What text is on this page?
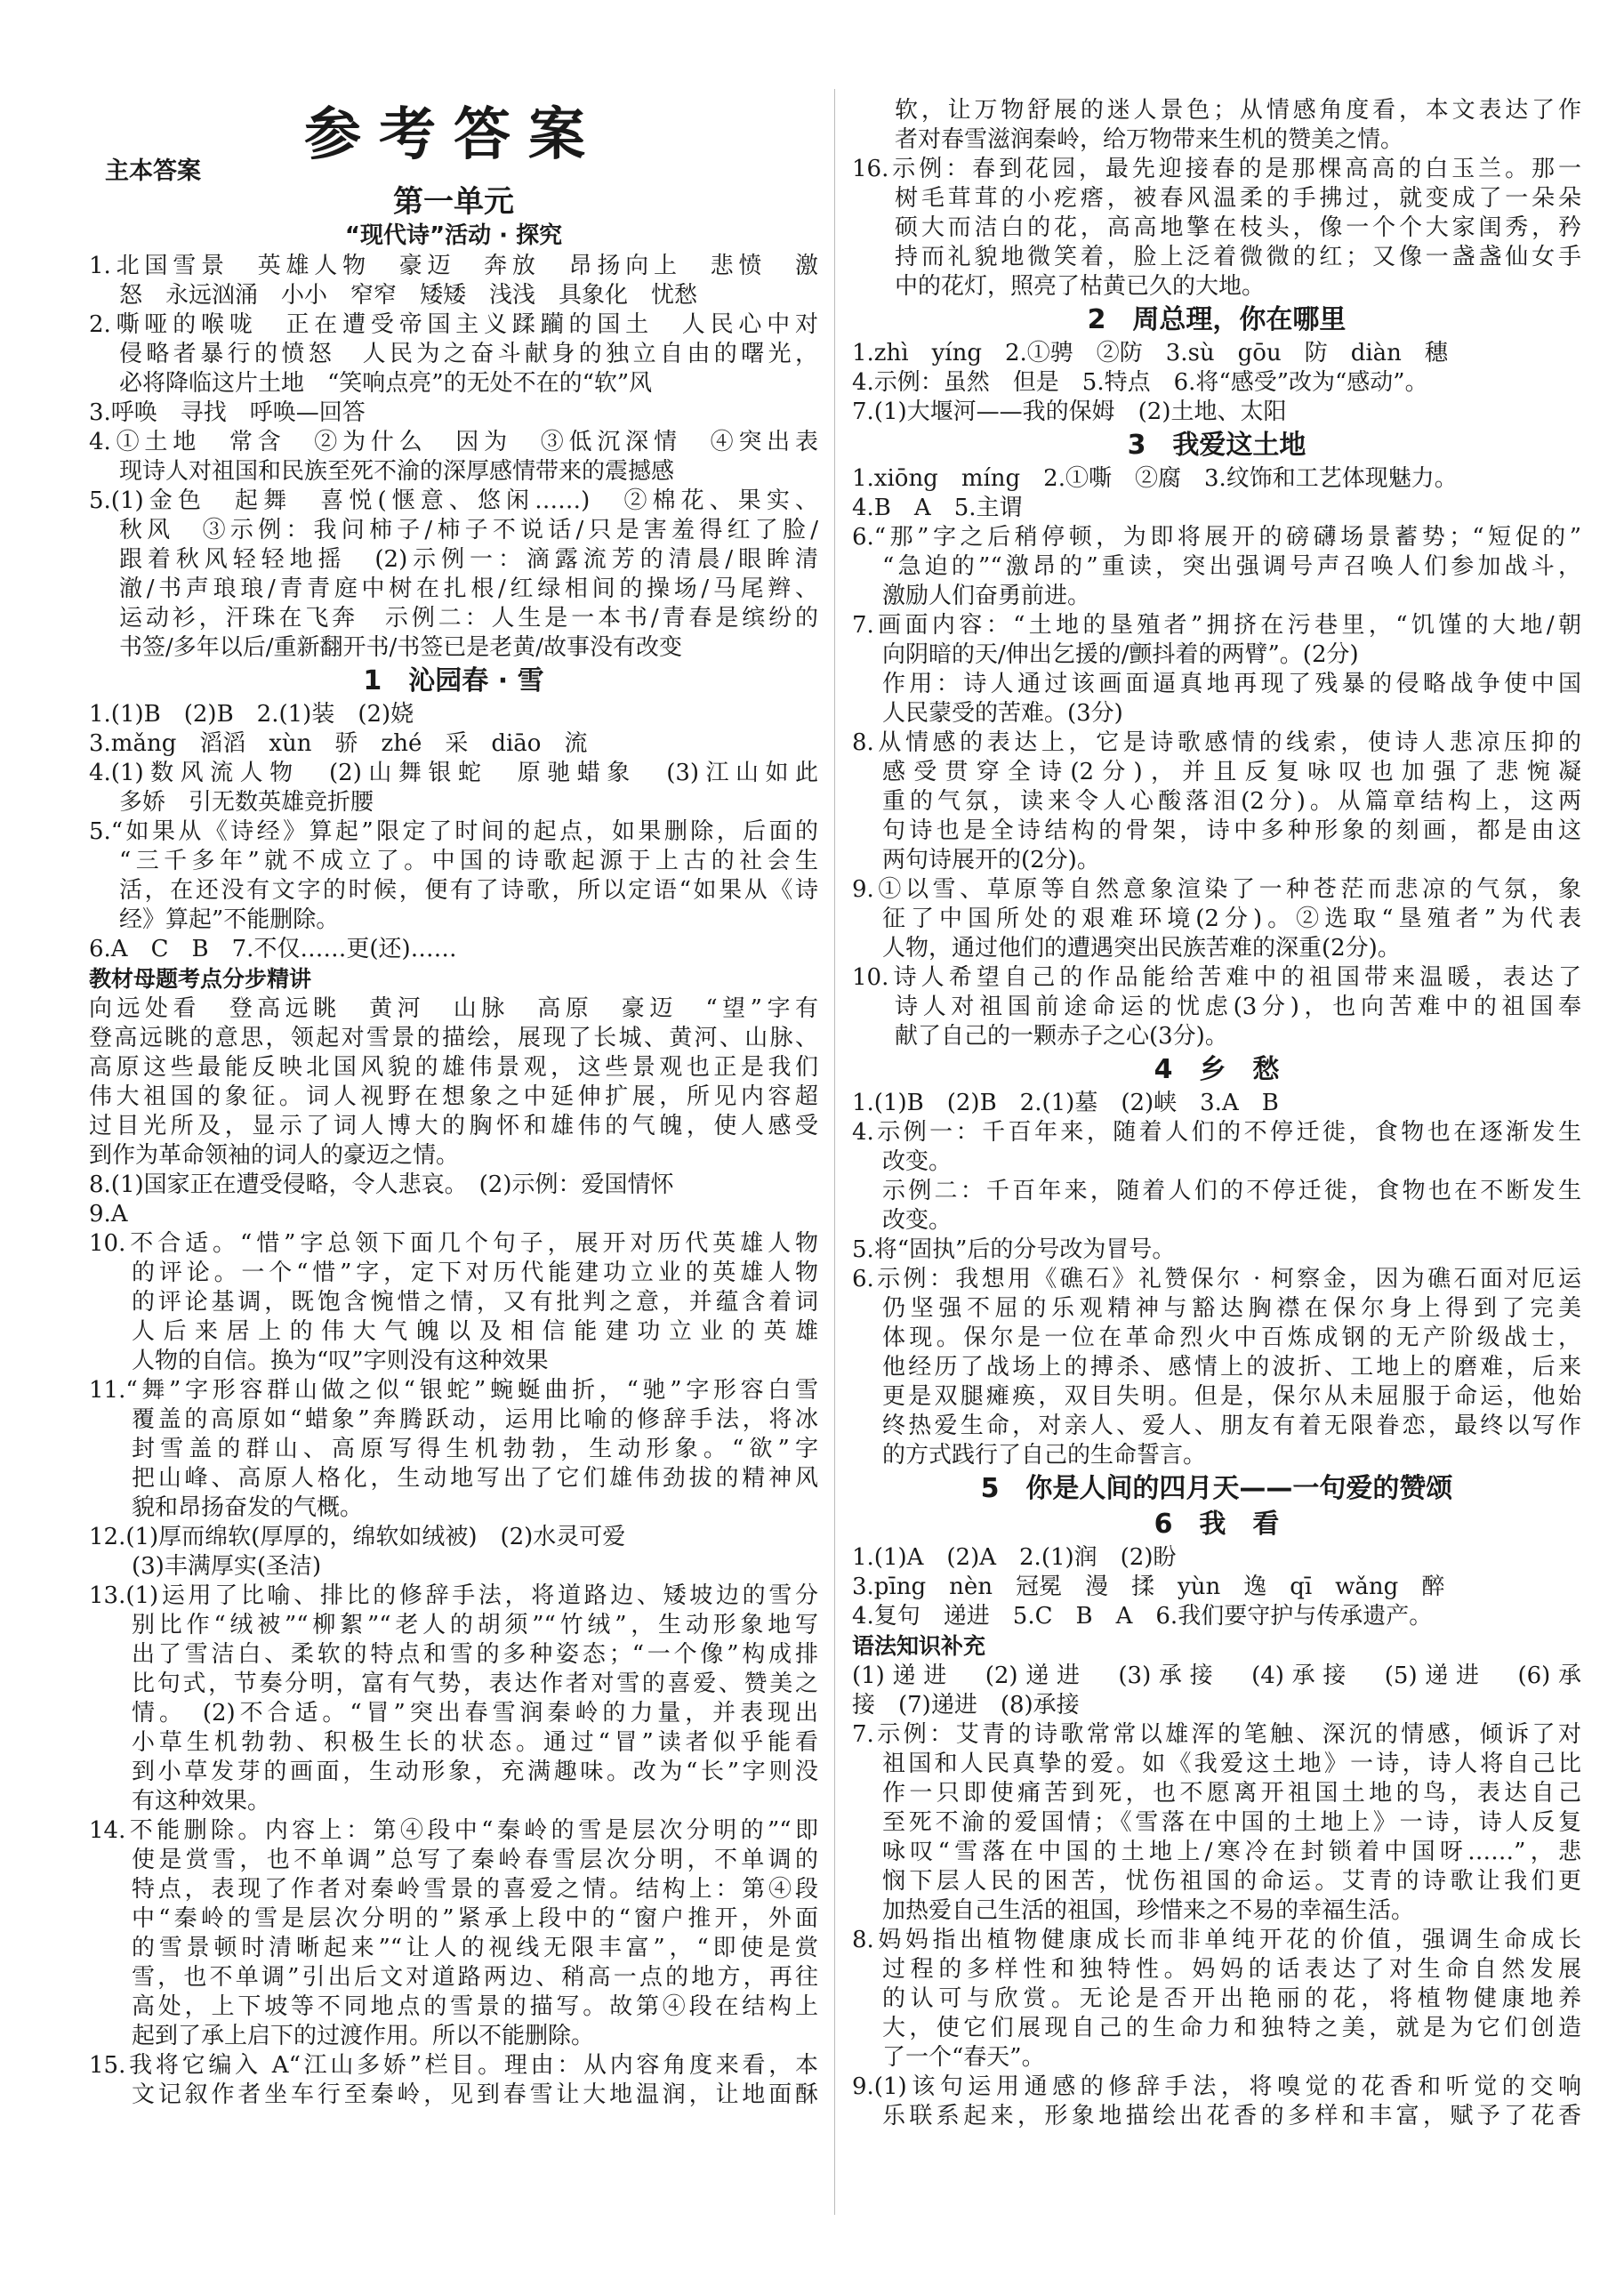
参考答案
主本答案
第一单元
“现代诗”活动 · 探究
1.北国雪景　英雄人物　豪迈　奔放　昂扬向上　悲愤　激
怒　永远汹涌　小小　窄窄　矮矮　浅浅　具象化　忧愁
2.嘶哑的喉咙　正在遭受帝国主义蹂躏的国土　人民心中对
侵略者暴行的愤怒　人民为之奋斗献身的独立自由的曙光，
必将降临这片土地　“笑响点亮”的无处不在的“软”风
3.呼唤　寻找　呼唤—回答
4.①土地　常含　②为什么　因为　③低沉深情　④突出表
现诗人对祖国和民族至死不渝的深厚感情带来的震撼感
5.(1)金色　起舞　喜悦(惬意、悠闲……)　②棉花、果实、
秋风　③示例：我问柿子/柿子不说话/只是害羞得红了脸/
跟着秋风轻轻地摇　(2)示例一：滴露流芳的清晨/眼眸清
澈/书声琅琅/青青庭中树在扎根/红绿相间的操场/马尾辫、
运动衫，汗珠在飞奔　示例二：人生是一本书/青春是缤纷的
书签/多年以后/重新翻开书/书签已是老黄/故事没有改变
1　沁园春 · 雪
1.(1)B　(2)B　2.(1)装　(2)娆
3.mǎng　滔滔　xùn　骄　zhé　采　diāo　流
4.(1)数风流人物　(2)山舞银蛇　原驰蜡象　(3)江山如此
多娇　引无数英雄竞折腰
5.“如果从《诗经》算起”限定了时间的起点，如果删除，后面的
“三千多年”就不成立了。中国的诗歌起源于上古的社会生
活，在还没有文字的时候，便有了诗歌，所以定语“如果从《诗
经》算起”不能删除。
6.A　C　B　7.不仅……更(还)……
教材母题考点分步精讲
向远处看　登高远眺　黄河　山脉　高原　豪迈　“望”字有
登高远眺的意思，领起对雪景的描绘，展现了长城、黄河、山脉、
高原这些最能反映北国风貌的雄伟景观，这些景观也正是我们
伟大祖国的象征。词人视野在想象之中延伸扩展，所见内容超
过目光所及，显示了词人博大的胸怀和雄伟的气魄，使人感受
到作为革命领袖的词人的豪迈之情。
8.(1)国家正在遭受侵略，令人悲哀。　(2)示例：爱国情怀
9.A
10.不合适。“惜”字总领下面几个句子，展开对历代英雄人物
的评论。一个“惜”字，定下对历代能建功立业的英雄人物
的评论基调，既饱含惋惜之情，又有批判之意，并蕴含着词
人后来居上的伟大气魄以及相信能建功立业的英雄
人物的自信。换为“叹”字则没有这种效果
11.“舞”字形容群山做之似“银蛇”蜿蜒曲折，“驰”字形容白雪
覆盖的高原如“蜡象”奔腾跃动，运用比喻的修辞手法，将冰
封雪盖的群山、高原写得生机勃勃，生动形象。“欲”字
把山峰、高原人格化，生动地写出了它们雄伟劲拔的精神风
貌和昂扬奋发的气概。
12.(1)厚而绵软(厚厚的，绵软如绒被)　(2)水灵可爱
(3)丰满厚实(圣洁)
13.(1)运用了比喻、排比的修辞手法，将道路边、矮坡边的雪分
别比作“绒被”“柳絮”“老人的胡须”“竹绒”，生动形象地写
出了雪洁白、柔软的特点和雪的多种姿态；“一个像”构成排
比句式，节奏分明，富有气势，表达作者对雪的喜爱、赞美之
情。　(2)不合适。“冒”突出春雪润秦岭的力量，并表现出
小草生机勃勃、积极生长的状态。通过“冒”读者似乎能看
到小草发芽的画面，生动形象，充满趣味。改为“长”字则没
有这种效果。
14.不能删除。内容上：第④段中“秦岭的雪是层次分明的”“即
使是赏雪，也不单调”总写了秦岭春雪层次分明，不单调的
特点，表现了作者对秦岭雪景的喜爱之情。结构上：第④段
中“秦岭的雪是层次分明的”紧承上段中的“窗户推开，外面
的雪景顿时清晰起来”“让人的视线无限丰富”，“即使是赏
雪，也不单调”引出后文对道路两边、稍高一点的地方，再往
高处，上下坡等不同地点的雪景的描写。故第④段在结构上
起到了承上启下的过渡作用。所以不能删除。
15.我将它编入 A“江山多娇”栏目。理由：从内容角度来看，本
文记叙作者坐车行至秦岭，见到春雪让大地温润，让地面酥
软，让万物舒展的迷人景色；从情感角度看，本文表达了作
者对春雪滋润秦岭，给万物带来生机的赞美之情。
16.示例：春到花园，最先迎接春的是那棵高高的白玉兰。那一
树毛茸茸的小疙瘩，被春风温柔的手拂过，就变成了一朵朵
硕大而洁白的花，高高地擎在枝头，像一个个大家闺秀，矜
持而礼貌地微笑着，脸上泛着微微的红；又像一盏盏仙女手
中的花灯，照亮了枯黄已久的大地。
2　周总理，你在哪里
1.zhì　yíng　2.①骋　②防　3.sù　gōu　防　diàn　穗
4.示例：虽然　但是　5.特点　6.将“感受”改为“感动”。
7.(1)大堰河——我的保姆　(2)土地、太阳
3　我爱这土地
1.xiōng　míng　2.①嘶　②腐　3.纹饰和工艺体现魅力。
4.B　A　5.主谓
6.“那”字之后稍停顿，为即将展开的磅礴场景蓄势；“短促的”
“急迫的”“激昂的”重读，突出强调号声召唤人们参加战斗，
激励人们奋勇前进。
7.画面内容：“土地的垦殖者”拥挤在污巷里，“饥馑的大地/朝
向阴暗的天/伸出乞援的/颤抖着的两臂”。(2分)
作用：诗人通过该画面逼真地再现了残暴的侵略战争使中国
人民蒙受的苦难。(3分)
8.从情感的表达上，它是诗歌感情的线索，使诗人悲凉压抑的
感受贯穿全诗(2分)，并且反复咏叹也加强了悲惋凝
重的气氛，读来令人心酸落泪(2分)。从篇章结构上，这两
句诗也是全诗结构的骨架，诗中多种形象的刻画，都是由这
两句诗展开的(2分)。
9.①以雪、草原等自然意象渲染了一种苍茫而悲凉的气氛，象
征了中国所处的艰难环境(2分)。②选取“垦殖者”为代表
人物，通过他们的遭遇突出民族苦难的深重(2分)。
10.诗人希望自己的作品能给苦难中的祖国带来温暖，表达了
诗人对祖国前途命运的忧虑(3分)，也向苦难中的祖国奉
献了自己的一颗赤子之心(3分)。
4　乡　愁
1.(1)B　(2)B　2.(1)墓　(2)峡　3.A　B
4.示例一：千百年来，随着人们的不停迁徙，食物也在逐渐发生
改变。
示例二：千百年来，随着人们的不停迁徙，食物也在不断发生
改变。
5.将“固执”后的分号改为冒号。
6.示例：我想用《礁石》礼赞保尔 · 柯察金，因为礁石面对厄运
仍坚强不屈的乐观精神与豁达胸襟在保尔身上得到了完美
体现。保尔是一位在革命烈火中百炼成钢的无产阶级战士，
他经历了战场上的搏杀、感情上的波折、工地上的磨难，后来
更是双腿瘫痪，双目失明。但是，保尔从未屈服于命运，他始
终热爱生命，对亲人、爱人、朋友有着无限眷恋，最终以写作
的方式践行了自己的生命誓言。
5　你是人间的四月天——一句爱的赞颂
6　我　看
1.(1)A　(2)A　2.(1)润　(2)盼
3.pīng　nèn　冠冕　漫　揉　yùn　逸　qī　wǎng　醉
4.复句　递进　5.C　B　A　6.我们要守护与传承遗产。
语法知识补充
(1)递进　(2)递进　(3)承接　(4)承接　(5)递进　(6)承
接　(7)递进　(8)承接
7.示例：艾青的诗歌常常以雄浑的笔触、深沉的情感，倾诉了对
祖国和人民真挚的爱。如《我爱这土地》一诗，诗人将自己比
作一只即使痛苦到死，也不愿离开祖国土地的鸟，表达自己
至死不渝的爱国情；《雪落在中国的土地上》一诗，诗人反复
咏叹“雪落在中国的土地上/寒冷在封锁着中国呀……”，悲
悯下层人民的困苦，忧伤祖国的命运。艾青的诗歌让我们更
加热爱自己生活的祖国，珍惜来之不易的幸福生活。
8.妈妈指出植物健康成长而非单纯开花的价值，强调生命成长
过程的多样性和独特性。妈妈的话表达了对生命自然发展
的认可与欣赏。无论是否开出艳丽的花，将植物健康地养
大，使它们展现自己的生命力和独特之美，就是为它们创造
了一个“春天”。
9.(1)该句运用通感的修辞手法，将嗅觉的花香和听觉的交响
乐联系起来，形象地描绘出花香的多样和丰富，赋予了花香
